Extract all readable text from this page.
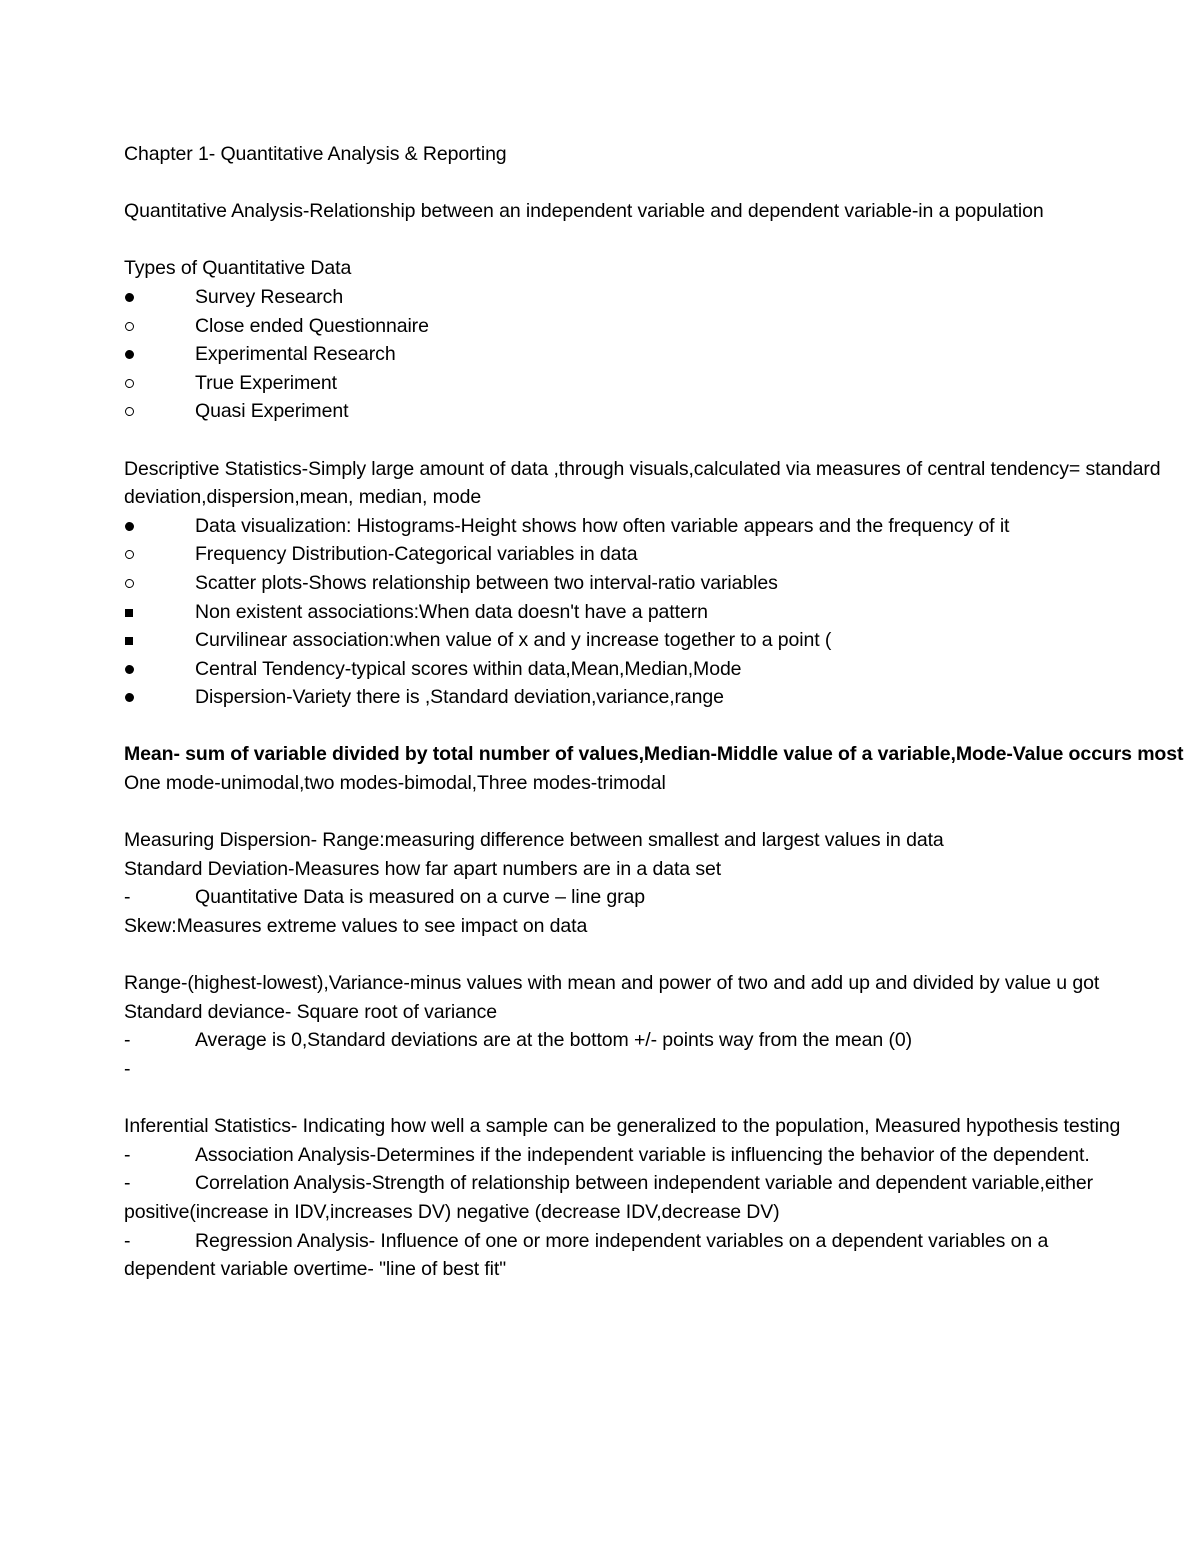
Chapter 1- Quantitative Analysis & Reporting

Quantitative Analysis-Relationship between an independent variable and dependent variable-in a population

Types of Quantitative Data

Survey Research
Close ended Questionnaire
Experimental Research
True Experiment
Quasi Experiment

Descriptive Statistics-Simply large amount of data ,through visuals,calculated via measures of central tendency= standard deviation,dispersion,mean, median, mode

Data visualization: Histograms-Height shows how often variable appears and the frequency of it
Frequency Distribution-Categorical variables in data
Scatter plots-Shows relationship between two interval-ratio variables
Non existent associations:When data doesn't have a pattern
Curvilinear association:when value of x and y increase together to a point (
Central Tendency-typical scores within data,Mean,Median,Mode
Dispersion-Variety there is ,Standard deviation,variance,range

Mean- sum of variable divided by total number of values,Median-Middle value of a variable,Mode-Value occurs most

One mode-unimodal,two modes-bimodal,Three modes-trimodal

Measuring Dispersion- Range:measuring difference between smallest and largest values in data

Standard Deviation-Measures how far apart numbers are in a data set

-
Quantitative Data is measured on a curve – line grap

Skew:Measures extreme values to see impact on data

Range-(highest-lowest),Variance-minus values with mean and power of two and add up and divided by value u got

Standard deviance- Square root of variance

-
Average is 0,Standard deviations are at the bottom +/- points way from the mean (0)
-

Inferential Statistics- Indicating how well a sample can be generalized to the population, Measured hypothesis testing

-
Association Analysis-Determines if the independent variable is influencing the behavior of the dependent.
-
Correlation Analysis-Strength of relationship between independent variable and dependent variable,either

positive(increase in IDV,increases DV) negative (decrease IDV,decrease DV)

-
Regression Analysis- Influence of one or more independent variables on a dependent variables on a

dependent variable overtime- "line of best fit"
